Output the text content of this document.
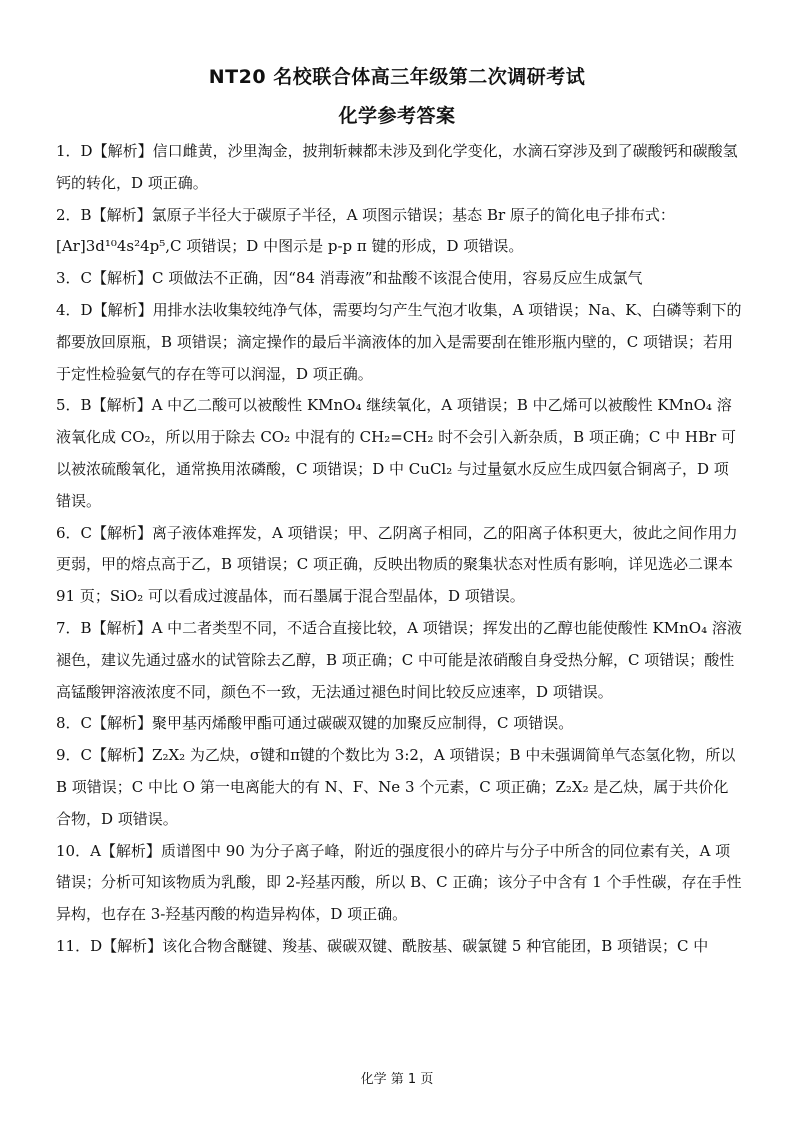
NT20 名校联合体高三年级第二次调研考试
化学参考答案

1．D【解析】信口雌黄，沙里淘金，披荆斩棘都未涉及到化学变化，水滴石穿涉及到了碳酸钙和碳酸氢钙的转化，D 项正确。

2．B【解析】氯原子半径大于碳原子半径，A 项图示错误；基态 Br 原子的简化电子排布式：[Ar]3d¹⁰4s²4p⁵,C 项错误；D 中图示是 p-p π 键的形成，D 项错误。

3．C【解析】C 项做法不正确，因“84 消毒液”和盐酸不该混合使用，容易反应生成氯气

4．D【解析】用排水法收集较纯净气体，需要均匀产生气泡才收集，A 项错误；Na、K、白磷等剩下的都要放回原瓶，B 项错误；滴定操作的最后半滴液体的加入是需要刮在锥形瓶内壁的，C 项错误；若用于定性检验氨气的存在等可以润湿，D 项正确。

5．B【解析】A 中乙二酸可以被酸性 KMnO₄ 继续氧化，A 项错误；B 中乙烯可以被酸性 KMnO₄ 溶液氧化成 CO₂，所以用于除去 CO₂ 中混有的 CH₂=CH₂ 时不会引入新杂质，B 项正确；C 中 HBr 可以被浓硫酸氧化，通常换用浓磷酸，C 项错误；D 中 CuCl₂ 与过量氨水反应生成四氨合铜离子，D 项错误。

6．C【解析】离子液体难挥发，A 项错误；甲、乙阴离子相同，乙的阳离子体积更大，彼此之间作用力更弱，甲的熔点高于乙，B 项错误；C 项正确，反映出物质的聚集状态对性质有影响，详见选必二课本 91 页；SiO₂ 可以看成过渡晶体，而石墨属于混合型晶体，D 项错误。

7．B【解析】A 中二者类型不同，不适合直接比较，A 项错误；挥发出的乙醇也能使酸性 KMnO₄ 溶液褪色，建议先通过盛水的试管除去乙醇，B 项正确；C 中可能是浓硝酸自身受热分解，C 项错误；酸性高锰酸钾溶液浓度不同，颜色不一致，无法通过褪色时间比较反应速率，D 项错误。

8．C【解析】聚甲基丙烯酸甲酯可通过碳碳双键的加聚反应制得，C 项错误。

9．C【解析】Z₂X₂ 为乙炔，σ键和π键的个数比为 3:2，A 项错误；B 中未强调简单气态氢化物，所以 B 项错误；C 中比 O 第一电离能大的有 N、F、Ne 3 个元素，C 项正确；Z₂X₂ 是乙炔，属于共价化合物，D 项错误。

10．A【解析】质谱图中 90 为分子离子峰，附近的强度很小的碎片与分子中所含的同位素有关，A 项错误；分析可知该物质为乳酸，即 2-羟基丙酸，所以 B、C 正确；该分子中含有 1 个手性碳，存在手性异构，也存在 3-羟基丙酸的构造异构体，D 项正确。

11．D【解析】该化合物含醚键、羧基、碳碳双键、酰胺基、碳氯键 5 种官能团，B 项错误；C 中

化学 第 1 页
